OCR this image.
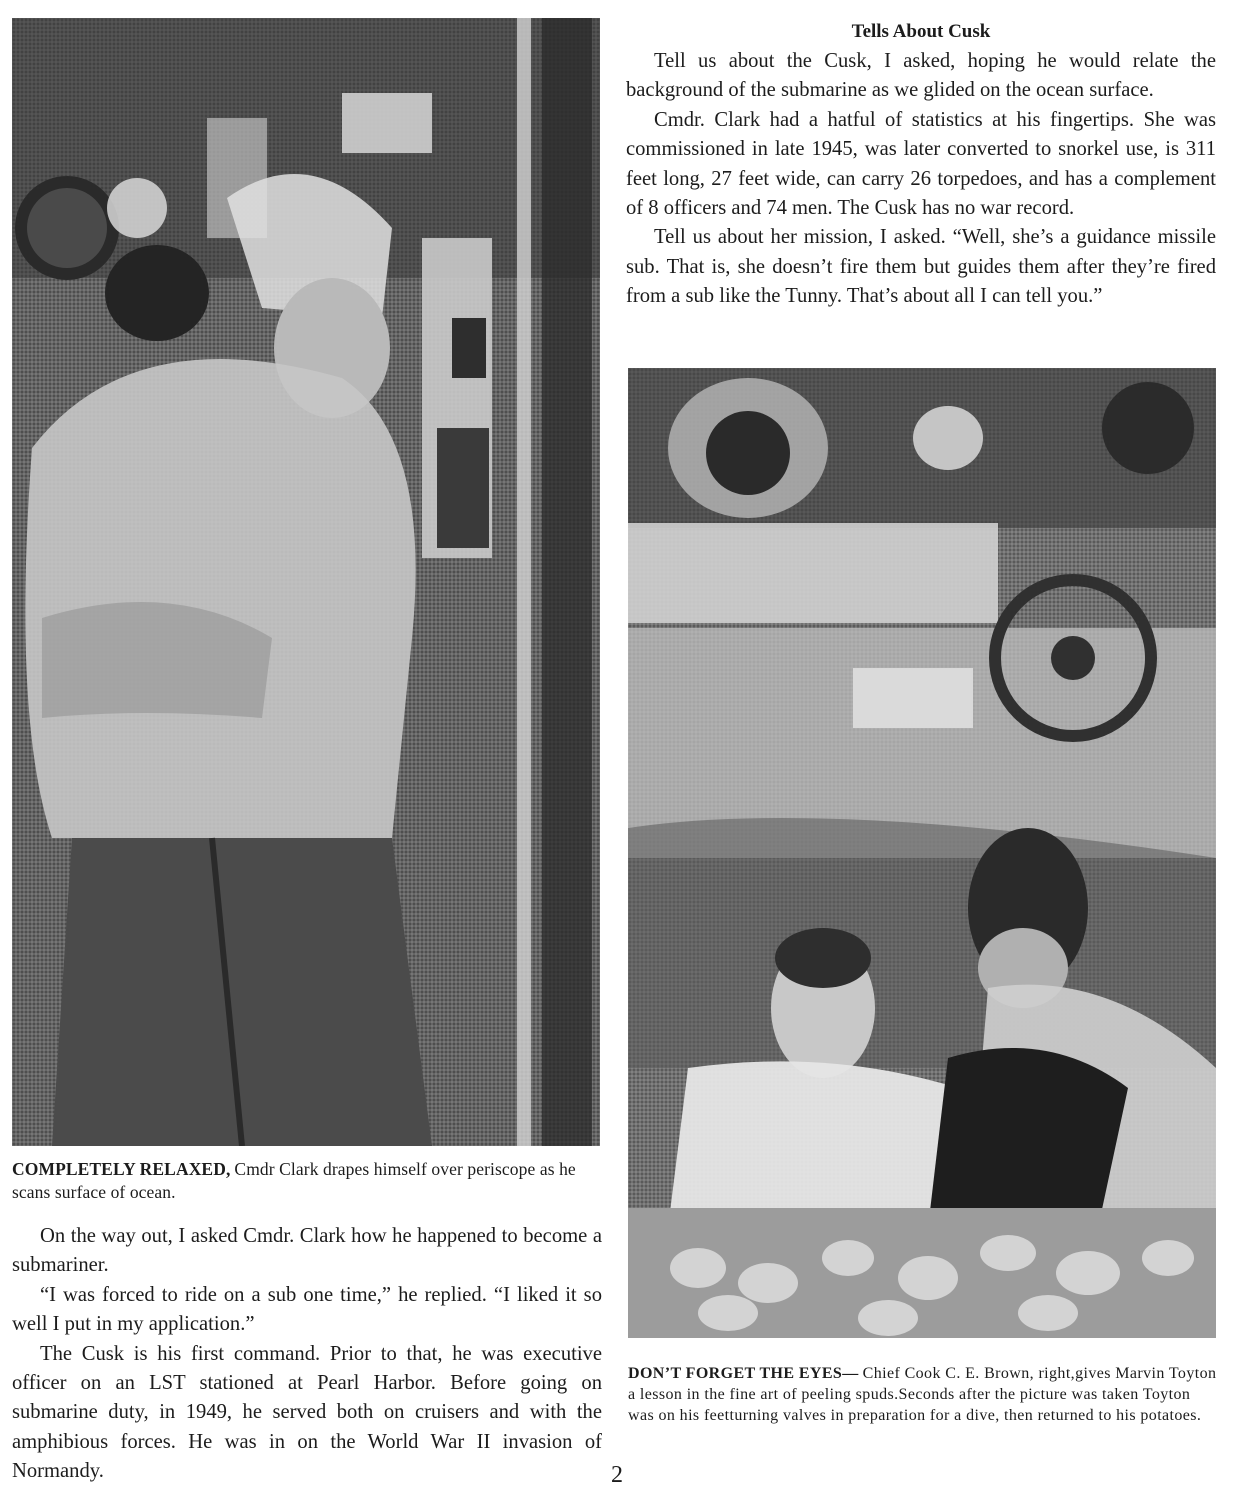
COMPLETELY RELAXED, Cmdr Clark drapes himself over periscope as he scans surface of ocean.
DON’T FORGET THE EYES— Chief Cook C. E. Brown, right,gives Marvin Toyton a lesson in the fine art of peeling spuds.Seconds after the picture was taken Toyton was on his feetturning valves in preparation for a dive, then returned to his potatoes.
Tells About Cusk

Tell us about the Cusk, I asked, hoping he would relate the background of the submarine as we glided on the ocean surface.

Cmdr. Clark had a hatful of statistics at his fingertips. She was commissioned in late 1945, was later converted to snorkel use, is 311 feet long, 27 feet wide, can carry 26 torpedoes, and has a complement of 8 officers and 74 men. The Cusk has no war record.

Tell us about her mission, I asked. “Well, she’s a guidance missile sub. That is, she doesn’t fire them but guides them after they’re fired from a sub like the Tunny. That’s about all I can tell you.”

On the way out, I asked Cmdr. Clark how he happened to become a submariner.

“I was forced to ride on a sub one time,” he replied. “I liked it so well I put in my application.”

The Cusk is his first command. Prior to that, he was executive officer on an LST stationed at Pearl Harbor. Before going on submarine duty, in 1949, he served both on cruisers and with the amphibious forces. He was in on the World War II invasion of Normandy.	2
